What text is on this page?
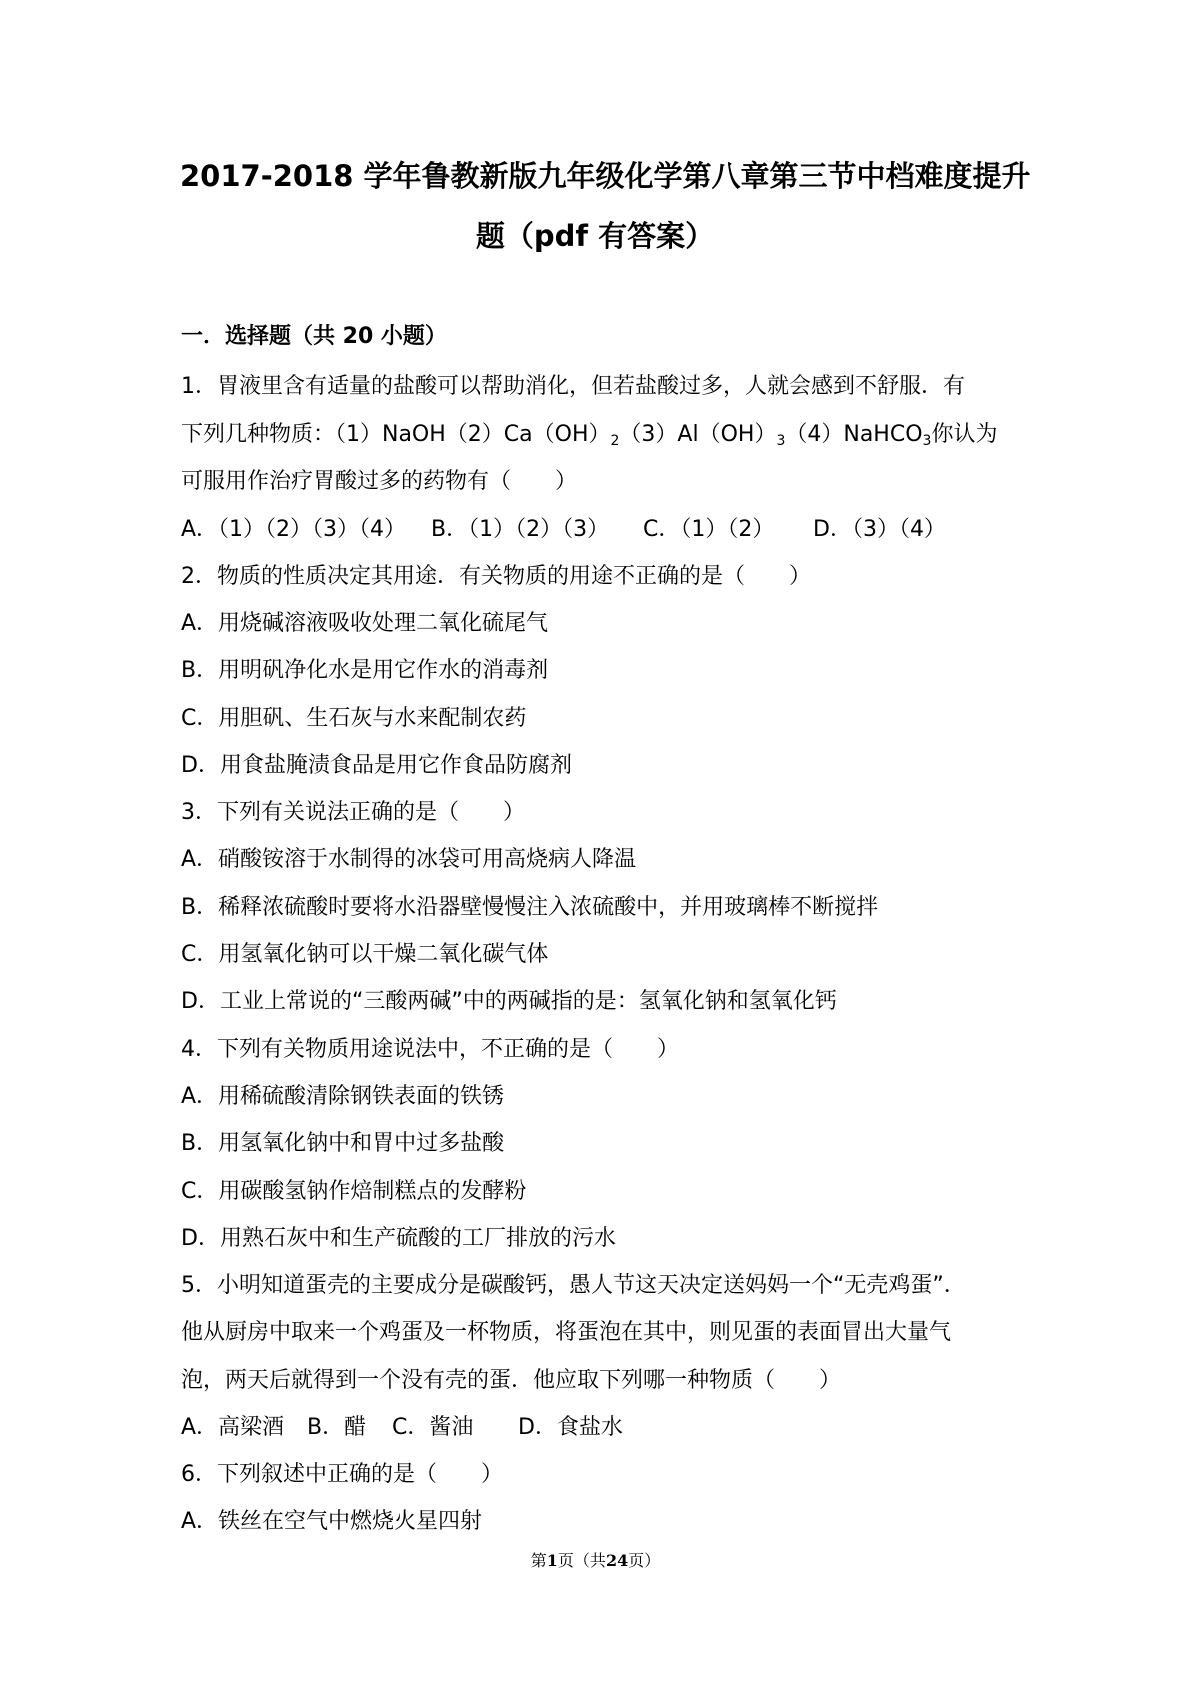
2017-2018 学年鲁教新版九年级化学第八章第三节中档难度提升
题（pdf 有答案）
一．选择题（共 20 小题）
1．胃液里含有适量的盐酸可以帮助消化，但若盐酸过多，人就会感到不舒服．有
下列几种物质：$(1)NaOH(2)Ca(OH)_2(3)Al(OH)_3(4)NaHCO_3$你认为
可服用作治疗胃酸过多的药物有（　　）
A．（1）（2）（3）（4）	B．（1）（2）（3）	C．（1）（2）	D．（3）（4）
2．物质的性质决定其用途．有关物质的用途不正确的是（　　）
A．用烧碱溶液吸收处理二氧化硫尾气
B．用明矾净化水是用它作水的消毒剂
C．用胆矾、生石灰与水来配制农药
D．用食盐腌渍食品是用它作食品防腐剂
3．下列有关说法正确的是（　　）
A．硝酸铵溶于水制得的冰袋可用高烧病人降温
B．稀释浓硫酸时要将水沿器壁慢慢注入浓硫酸中，并用玻璃棒不断搅拌
C．用氢氧化钠可以干燥二氧化碳气体
D．工业上常说的“三酸两碱”中的两碱指的是：氢氧化钠和氢氧化钙
4．下列有关物质用途说法中，不正确的是（　　）
A．用稀硫酸清除钢铁表面的铁锈
B．用氢氧化钠中和胃中过多盐酸
C．用碳酸氢钠作焙制糕点的发酵粉
D．用熟石灰中和生产硫酸的工厂排放的污水
5．小明知道蛋壳的主要成分是碳酸钙，愚人节这天决定送妈妈一个“无壳鸡蛋”．
他从厨房中取来一个鸡蛋及一杯物质，将蛋泡在其中，则见蛋的表面冒出大量气
泡，两天后就得到一个没有壳的蛋．他应取下列哪一种物质（　　）
A．高梁酒	B．醋	C．酱油	D．食盐水
6．下列叙述中正确的是（　　）
A．铁丝在空气中燃烧火星四射
第1页（共24页）
